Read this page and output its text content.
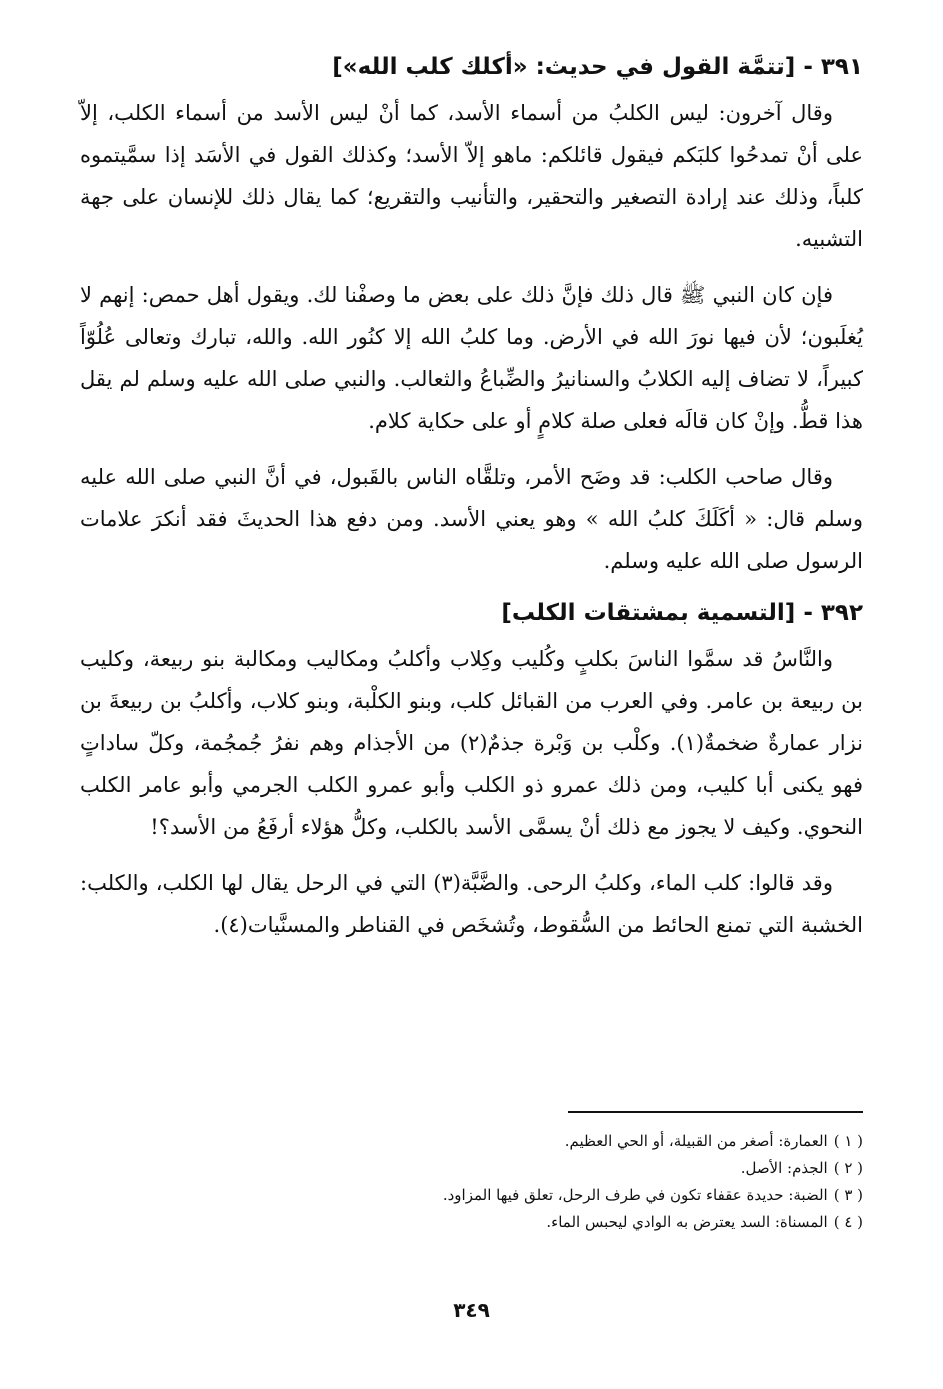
٣٩١ - [تتمَّة القول في حديث: «أكلك كلب الله»]

وقال آخرون: ليس الكلبُ من أسماء الأسد، كما أنْ ليس الأسد من أسماء الكلب، إلاّ على أنْ تمدحُوا كلبَكم فيقول قائلكم: ماهو إلاّ الأسد؛ وكذلك القول في الأسَد إذا سمَّيتموه كلباً، وذلك عند إرادة التصغير والتحقير، والتأنيب والتقريع؛ كما يقال ذلك للإنسان على جهة التشبيه.

فإن كان النبي ﷺ قال ذلك فإنَّ ذلك على بعض ما وصفْنا لك. ويقول أهل حمص: إنهم لا يُغلَبون؛ لأن فيها نورَ الله في الأرض. وما كلبُ الله إلا كنُور الله. والله، تبارك وتعالى عُلُوّاً كبيراً، لا تضاف إليه الكلابُ والسنانيرُ والضِّباعُ والثعالب. والنبي صلى الله عليه وسلم لم يقل هذا قطُّ. وإنْ كان قالَه فعلى صلة كلامٍ أو على حكاية كلام.

وقال صاحب الكلب: قد وضَح الأمر، وتلقَّاه الناس بالقَبول، في أنَّ النبي صلى الله عليه وسلم قال: « أكَلَكَ كلبُ الله » وهو يعني الأسد. ومن دفع هذا الحديثَ فقد أنكرَ علامات الرسول صلى الله عليه وسلم.

٣٩٢ - [التسمية بمشتقات الكلب]

والنَّاسُ قد سمَّوا الناسَ بكلبٍ وكُليب وكِلاب وأكلبُ ومكاليب ومكالبة بنو ربيعة، وكليب بن ربيعة بن عامر. وفي العرب من القبائل كلب، وبنو الكلْبة، وبنو كلاب، وأكلبُ بن ربيعةَ بن نزار عمارةٌ ضخمةٌ(١). وكلْب بن وَبْرة جذمٌ(٢) من الأجذام وهم نفرُ جُمجُمة، وكلّ ساداتٍ فهو يكنى أبا كليب، ومن ذلك عمرو ذو الكلب وأبو عمرو الكلب الجرمي وأبو عامر الكلب النحوي. وكيف لا يجوز مع ذلك أنْ يسمَّى الأسد بالكلب، وكلُّ هؤلاء أرفَعُ من الأسد؟!

وقد قالوا: كلب الماء، وكلبُ الرحى. والضَّبَّة(٣) التي في الرحل يقال لها الكلب، والكلب: الخشبة التي تمنع الحائط من السُّقوط، وتُشخَص في القناطر والمسنَّيات(٤).

( ١ )العمارة: أصغر من القبيلة، أو الحي العظيم.

( ٢ )الجذم: الأصل.

( ٣ )الضبة: حديدة عقفاء تكون في طرف الرحل، تعلق فيها المزاود.

( ٤ )المسناة: السد يعترض به الوادي ليحبس الماء.

٣٤٩
